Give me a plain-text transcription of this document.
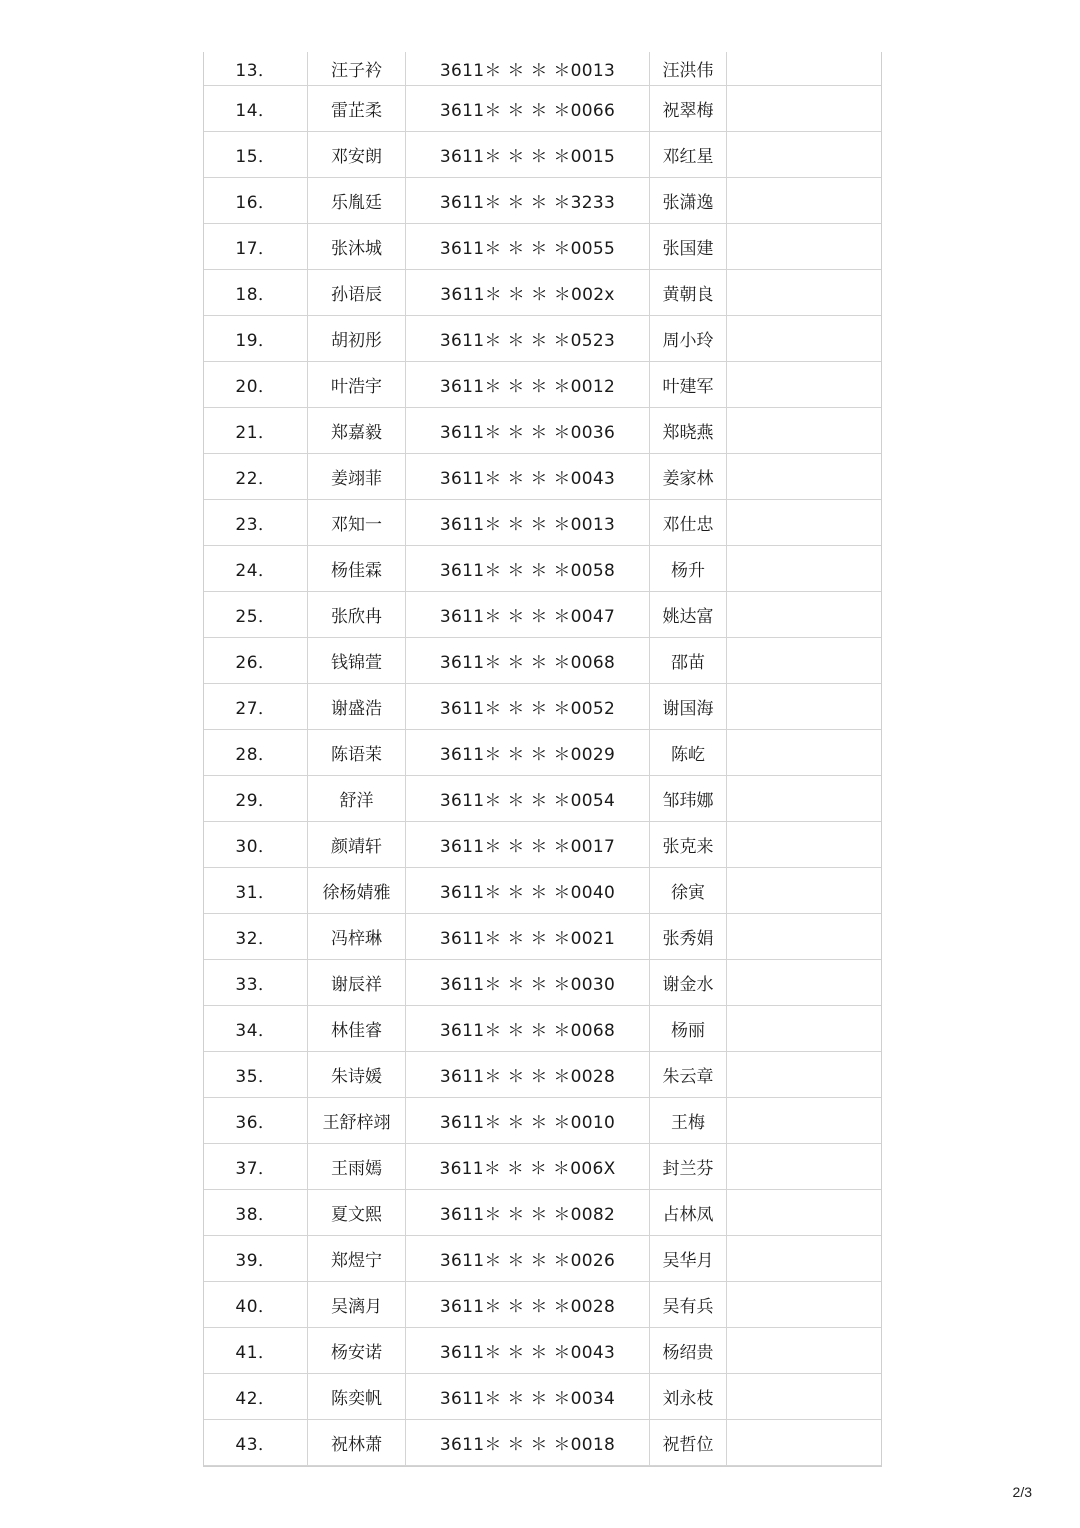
13．	汪子衿	3611＊ ＊ ＊ ＊0013	汪洪伟
14．	雷芷柔	3611＊ ＊ ＊ ＊0066	祝翠梅
15．	邓安朗	3611＊ ＊ ＊ ＊0015	邓红星
16．	乐胤廷	3611＊ ＊ ＊ ＊3233	张潇逸
17．	张沐城	3611＊ ＊ ＊ ＊0055	张国建
18．	孙语辰	3611＊ ＊ ＊ ＊002x	黄朝良
19．	胡初彤	3611＊ ＊ ＊ ＊0523	周小玲
20．	叶浩宇	3611＊ ＊ ＊ ＊0012	叶建军
21．	郑嘉毅	3611＊ ＊ ＊ ＊0036	郑晓燕
22．	姜翊菲	3611＊ ＊ ＊ ＊0043	姜家林
23．	邓知一	3611＊ ＊ ＊ ＊0013	邓仕忠
24．	杨佳霖	3611＊ ＊ ＊ ＊0058	杨升
25．	张欣冉	3611＊ ＊ ＊ ＊0047	姚达富
26．	钱锦萱	3611＊ ＊ ＊ ＊0068	邵苗
27．	谢盛浩	3611＊ ＊ ＊ ＊0052	谢国海
28．	陈语茉	3611＊ ＊ ＊ ＊0029	陈屹
29．	舒洋	3611＊ ＊ ＊ ＊0054	邹玮娜
30．	颜靖轩	3611＊ ＊ ＊ ＊0017	张克来
31．	徐杨婧雅	3611＊ ＊ ＊ ＊0040	徐寅
32．	冯梓琳	3611＊ ＊ ＊ ＊0021	张秀娟
33．	谢辰祥	3611＊ ＊ ＊ ＊0030	谢金水
34．	林佳睿	3611＊ ＊ ＊ ＊0068	杨丽
35．	朱诗媛	3611＊ ＊ ＊ ＊0028	朱云章
36．	王舒梓翊	3611＊ ＊ ＊ ＊0010	王梅
37．	王雨嫣	3611＊ ＊ ＊ ＊006X	封兰芬
38．	夏文熙	3611＊ ＊ ＊ ＊0082	占林凤
39．	郑煜宁	3611＊ ＊ ＊ ＊0026	吴华月
40．	吴漓月	3611＊ ＊ ＊ ＊0028	吴有兵
41．	杨安诺	3611＊ ＊ ＊ ＊0043	杨绍贵
42．	陈奕帆	3611＊ ＊ ＊ ＊0034	刘永枝
43．	祝林萧	3611＊ ＊ ＊ ＊0018	祝哲位
2/3
